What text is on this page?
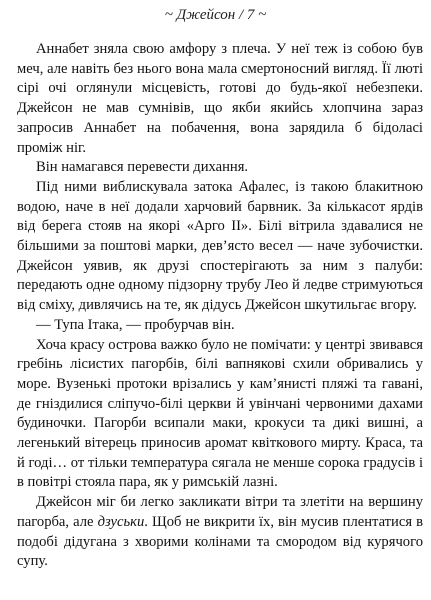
~ Джейсон / 7 ~

Аннабет зняла свою амфору з плеча. У неї теж із собою був меч, але навіть без нього вона мала смертоносний вигляд. Її люті сірі очі оглянули місцевість, готові до будь-якої небезпеки. Джейсон не мав сумнівів, що якби якийсь хлопчина зараз запросив Аннабет на побачення, вона зарядила б бідоласі проміж ніг.

Він намагався перевести дихання.

Під ними виблискувала затока Афалес, із такою блакитною водою, наче в неї додали харчовий барвник. За кількасот ярдів від берега стояв на якорі «Арго II». Білі вітрила здавалися не більшими за поштові марки, дев’ясто весел — наче зубочистки. Джейсон уявив, як друзі спостерігають за ним з палуби: передають одне одному підзорну трубу Лео й ледве стримуються від сміху, дивлячись на те, як дідусь Джейсон шкутильгає вгору.

— Тупа Ітака, — пробурчав він.

Хоча красу острова важко було не помічати: у центрі звивався гребінь лісистих пагорбів, білі вапнякові схили обривались у море. Вузенькі протоки врізались у кам’янисті пляжі та гавані, де гніздилися сліпучо-білі церкви й увінчані червоними дахами будиночки. Пагорби всипали маки, крокуси та дикі вишні, а легенький вітерець приносив аромат квіткового мирту. Краса, та й годі… от тільки температура сягала не менше сорока градусів і в повітрі стояла пара, як у римській лазні.

Джейсон міг би легко закликати вітри та злетіти на вершину пагорба, але дзуськи. Щоб не викрити їх, він мусив плентатися в подобі дідугана з хворими колінами та смородом від курячого супу.
